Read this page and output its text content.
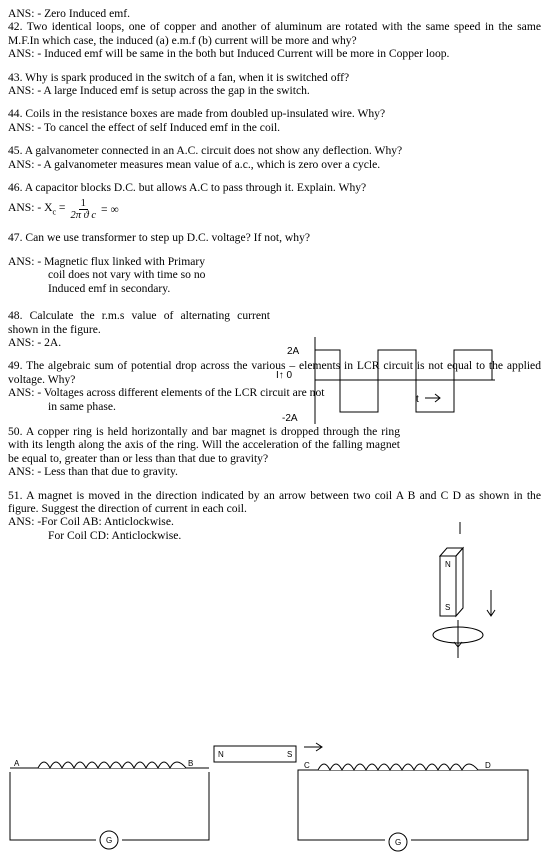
ANS: - Zero Induced emf.

42. Two identical loops, one of copper and another of aluminum are rotated with the same speed in the same M.F.In which case, the induced (a) e.m.f (b) current will be more and why?

ANS: - Induced emf will be same in the both but Induced Current will be more in Copper loop.

43. Why is spark produced in the switch of a fan, when it is switched off?

ANS: - A large Induced emf is setup across the gap in the switch.

44. Coils in the resistance boxes are made from doubled up-insulated wire. Why?

ANS: - To cancel the effect of self Induced emf in the coil.

45. A galvanometer connected in an A.C. circuit does not show any deflection. Why?

ANS: - A galvanometer measures mean value of a.c., which is zero over a cycle.

46. A capacitor blocks D.C. but allows A.C to pass through it. Explain. Why?

ANS: - $X_c = \frac{1}{\text{2π ϑ c}}$ = ∞

47. Can we use transformer to step up D.C. voltage? If not, why?

ANS: - Magnetic flux linked with Primary

coil does not vary with time so no

Induced emf in secondary.

48. Calculate the r.m.s value of alternating current shown in the figure.

ANS: - 2A.

49. The algebraic sum of potential drop across the various – elements in LCR circuit is not equal to the applied voltage. Why?

ANS: - Voltages across different elements of the LCR circuit are not

in same phase.

50. A copper ring is held horizontally and bar magnet is dropped through the ring with its length along the axis of the ring. Will the acceleration of the falling magnet be equal to, greater than or less than that due to gravity?

ANS: - Less than that due to gravity.

51. A magnet is moved in the direction indicated by an arrow between two coil A B and C D as shown in the figure. Suggest the direction of current in each coil.

ANS: -For Coil AB: Anticlockwise.

For Coil CD: Anticlockwise.

2A
I↑ 0
-2A
t
N
S
A	B
G
N	S
C	D
G
